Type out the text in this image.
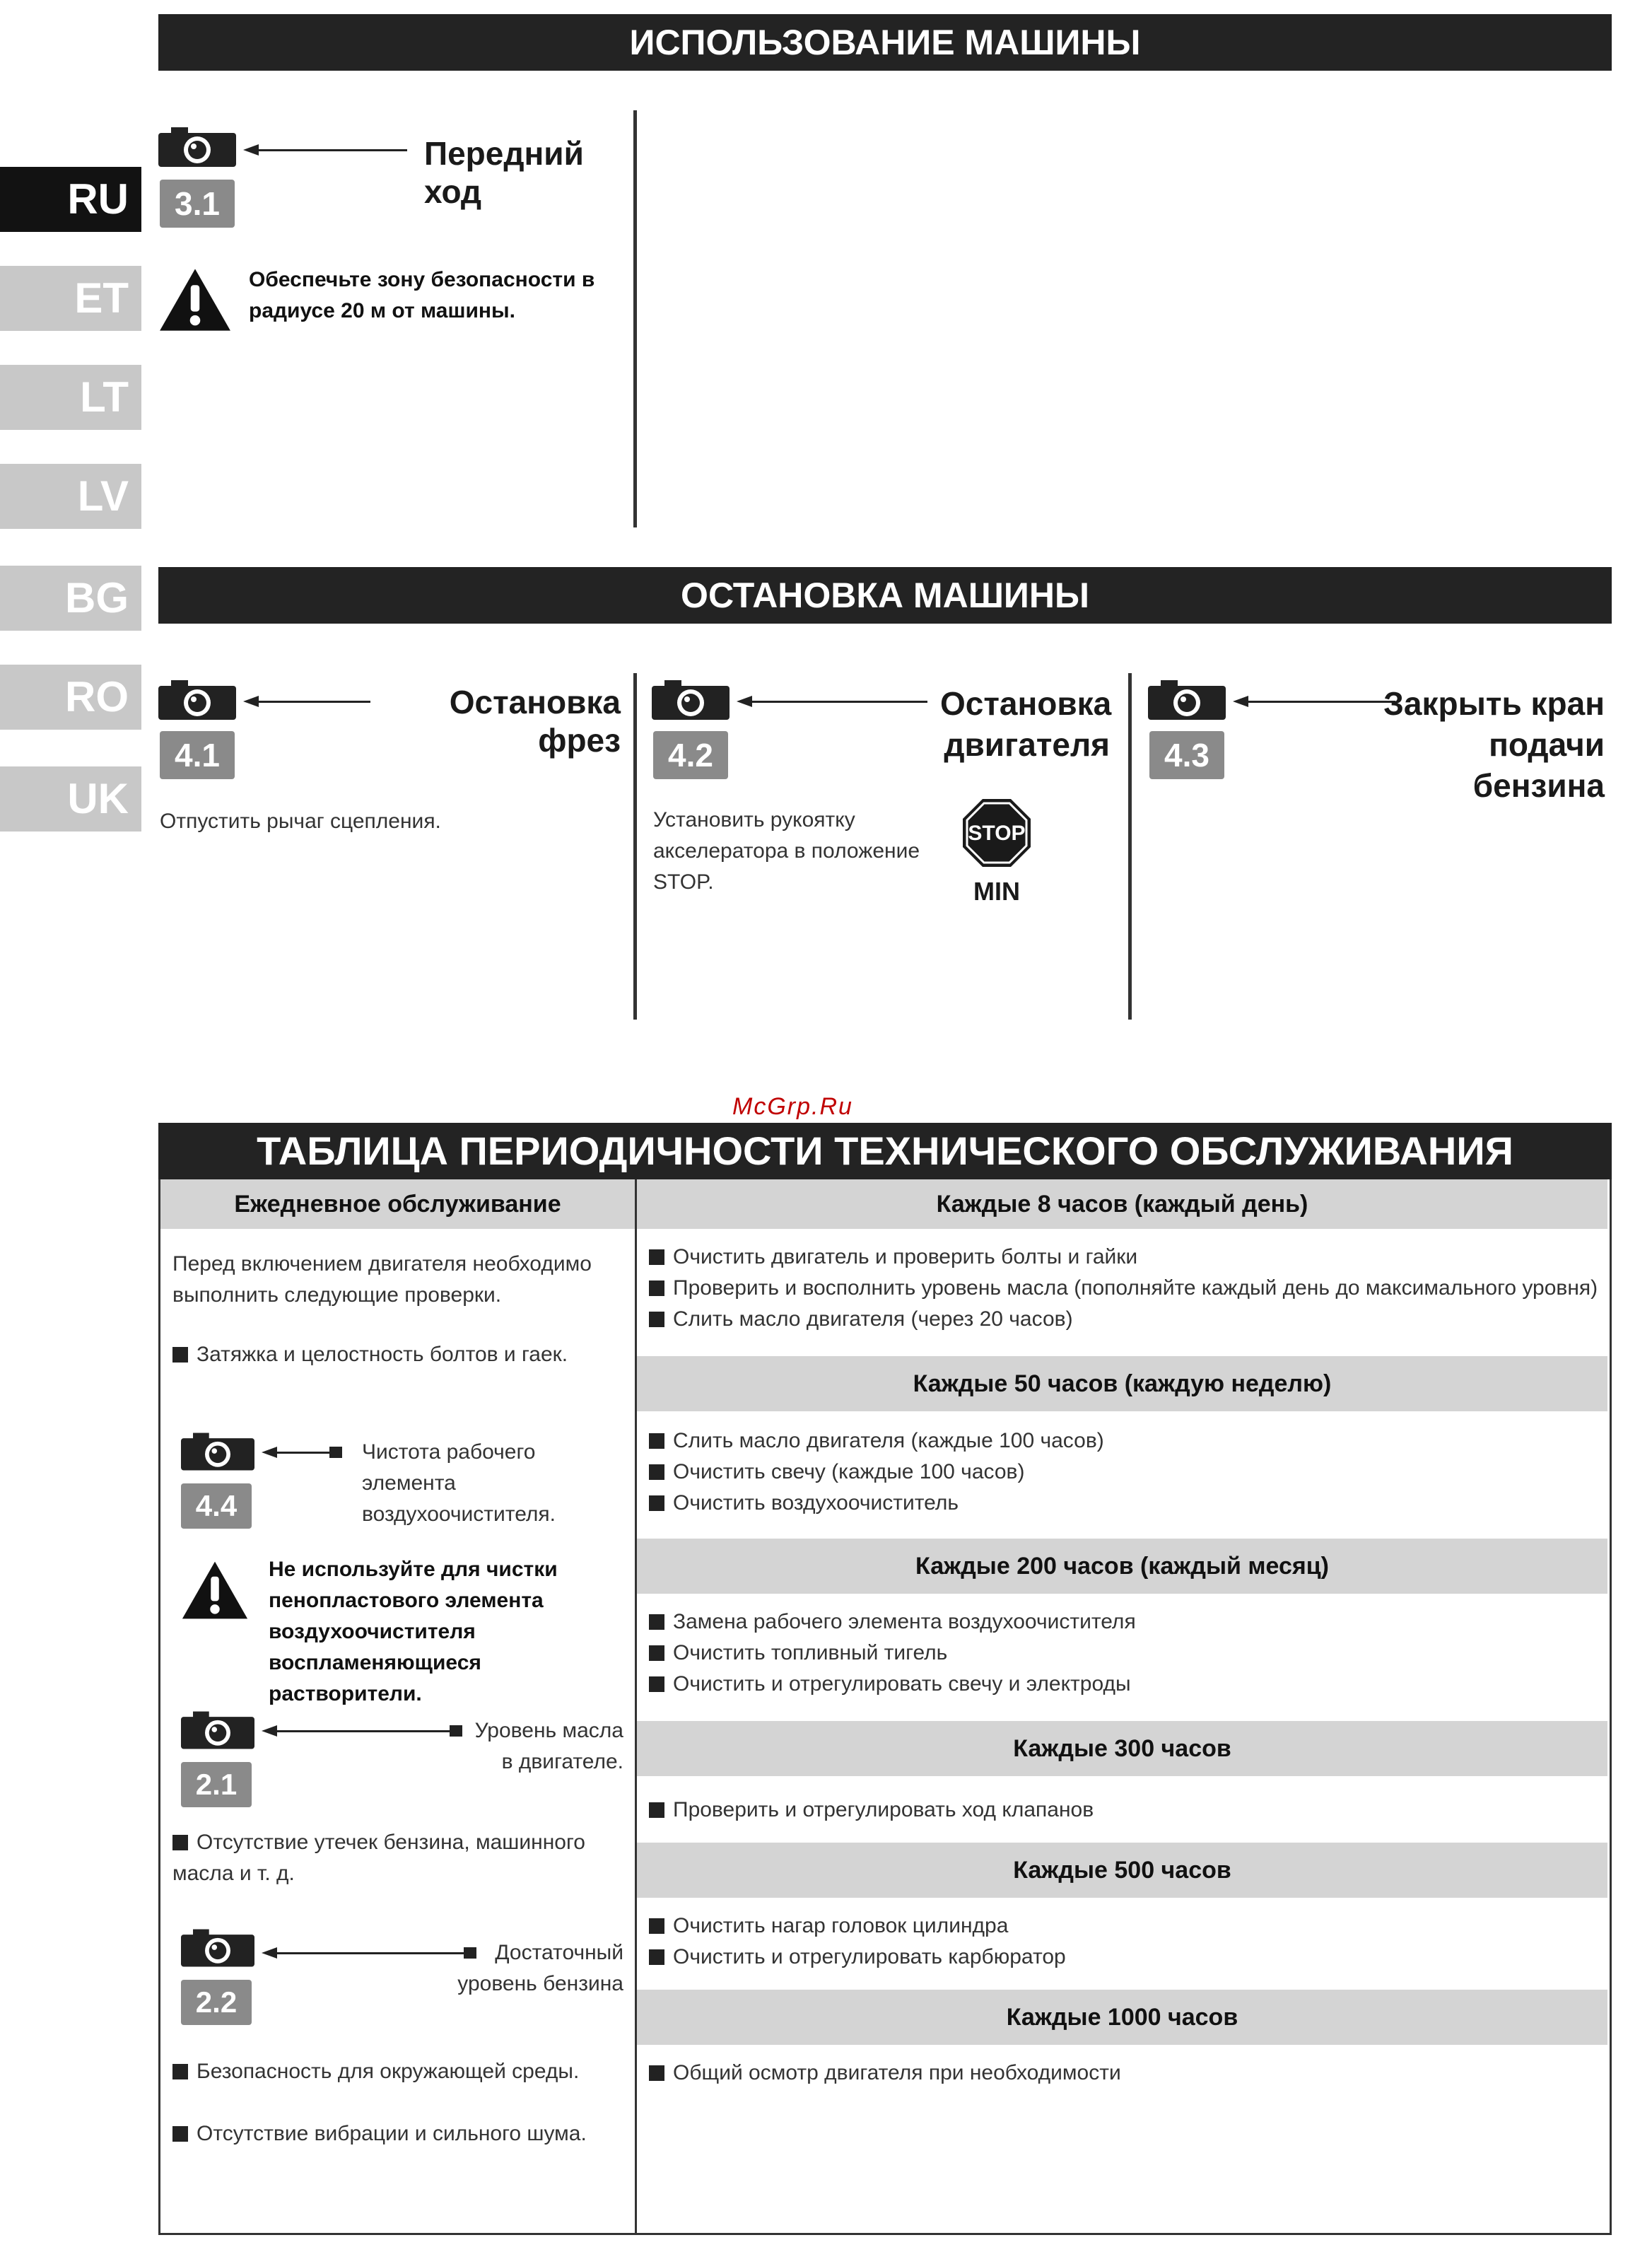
RU
ET
LT
LV
BG
RO
UK
ИСПОЛЬЗОВАНИЕ МАШИНЫ
3.1
Передний ход
Обеспечьте зону безопасности в радиусе 20 м от машины.
ОСТАНОВКА МАШИНЫ
4.1
Остановка фрез
Отпустить рычаг сцепления.
4.2
Остановка
двигателя
Установить рукоятку акселератора в положение STOP.
STOP
MIN
4.3
Закрыть кран
подачи бензина
McGrp.Ru
ТАБЛИЦА ПЕРИОДИЧНОСТИ ТЕХНИЧЕСКОГО ОБСЛУЖИВАНИЯ
Ежедневное обслуживание
Перед включением двигателя необходимо выполнить следующие проверки.
Затяжка и целостность болтов и гаек.
4.4
Чистота рабочего элемента воздухоочистителя.
Не используйте для чистки пенопластового элемента воздухоочистителя воспламеняющиеся растворители.
2.1
Уровень масла в двигателе.
Отсутствие утечек бензина, машинного масла и т. д.
2.2
Достаточный уровень бензина
Безопасность для окружающей среды.
Отсутствие вибрации и сильного шума.
Каждые 8 часов (каждый день)
Очистить двигатель и проверить болты и гайки
Проверить и восполнить уровень масла (пополняйте каждый день до максимального уровня)
Слить масло двигателя (через 20 часов)
Каждые 50 часов (каждую неделю)
Слить масло двигателя (каждые 100 часов)
Очистить свечу (каждые 100 часов)
Очистить воздухоочиститель
Каждые 200 часов (каждый месяц)
Замена рабочего элемента воздухоочистителя
Очистить топливный тигель
Очистить и отрегулировать свечу и электроды
Каждые 300 часов
Проверить и отрегулировать ход клапанов
Каждые 500 часов
Очистить нагар головок цилиндра
Очистить и отрегулировать карбюратор
Каждые 1000 часов
Общий осмотр двигателя при необходимости
